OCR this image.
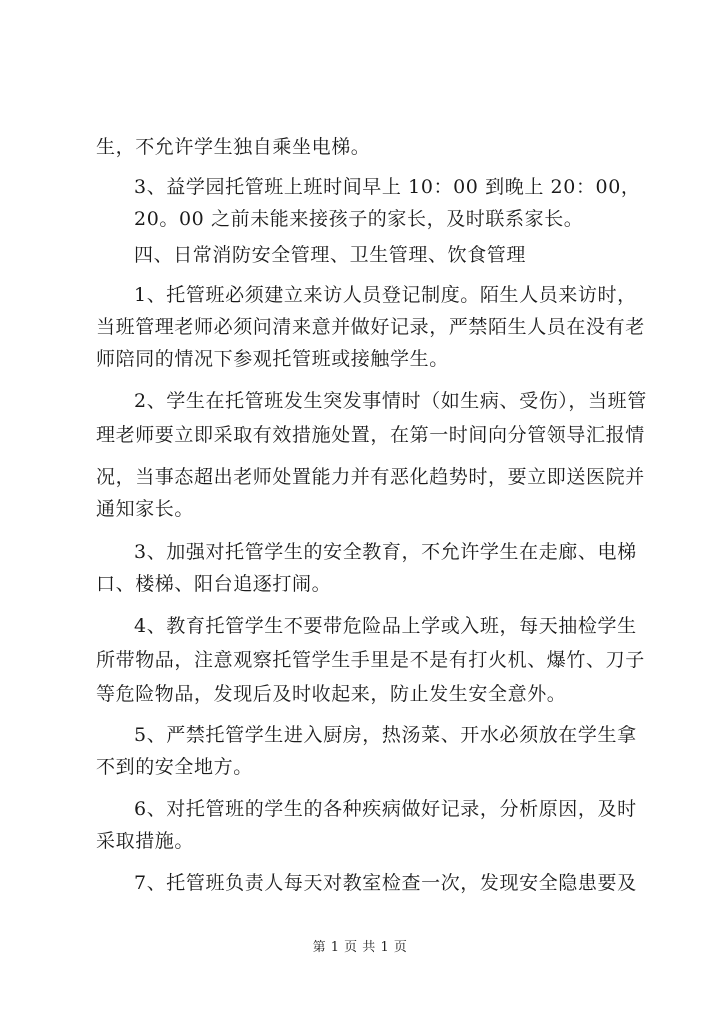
生，不允许学生独自乘坐电梯。
3、益学园托管班上班时间早上 10：00 到晚上 20：00，
20。00 之前未能来接孩子的家长，及时联系家长。
四、日常消防安全管理、卫生管理、饮食管理
1、托管班必须建立来访人员登记制度。陌生人员来访时，
当班管理老师必须问清来意并做好记录，严禁陌生人员在没有老
师陪同的情况下参观托管班或接触学生。
2、学生在托管班发生突发事情时（如生病、受伤），当班管
理老师要立即采取有效措施处置，在第一时间向分管领导汇报情
况，当事态超出老师处置能力并有恶化趋势时，要立即送医院并
通知家长。
3、加强对托管学生的安全教育，不允许学生在走廊、电梯
口、楼梯、阳台追逐打闹。
4、教育托管学生不要带危险品上学或入班，每天抽检学生
所带物品，注意观察托管学生手里是不是有打火机、爆竹、刀子
等危险物品，发现后及时收起来，防止发生安全意外。
5、严禁托管学生进入厨房，热汤菜、开水必须放在学生拿
不到的安全地方。
6、对托管班的学生的各种疾病做好记录，分析原因，及时
采取措施。
7、托管班负责人每天对教室检查一次，发现安全隐患要及
第 1 页 共 1 页
